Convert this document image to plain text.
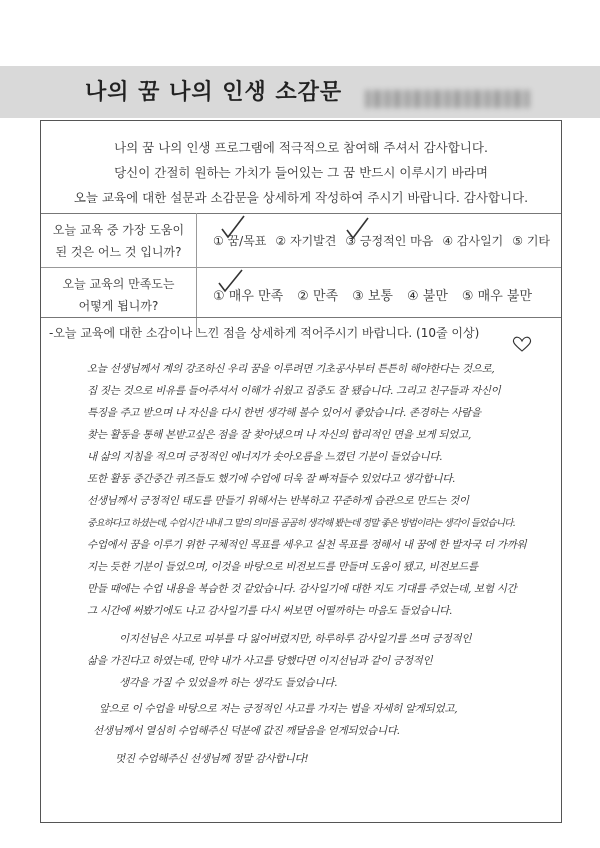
나의 꿈 나의 인생 소감문
나의 꿈 나의 인생 프로그램에 적극적으로 참여해 주셔서 감사합니다.
당신이 간절히 원하는 가치가 들어있는 그 꿈 반드시 이루시기 바라며
오늘 교육에 대한 설문과 소감문을 상세하게 작성하여 주시기 바랍니다. 감사합니다.
오늘 교육 중 가장 도움이
된 것은 어느 것 입니까?
① 꿈/목표 ② 자기발견 ③ 긍정적인 마음 ④ 감사일기 ⑤ 기타
오늘 교육의 만족도는
어떻게 됩니까?
① 매우 만족 ② 만족 ③ 보통 ④ 불만 ⑤ 매우 불만
-오늘 교육에 대한 소감이나 느낀 점을 상세하게 적어주시기 바랍니다. (10줄 이상)
오늘 선생님께서 계의 강조하신 우리 꿈을 이루려면 기초공사부터 튼튼히 해야한다는 것으로,
집 짓는 것으로 비유를 들어주셔서 이해가 쉬웠고 집중도 잘 됐습니다. 그리고 친구들과 자신이
특징을 주고 받으며 나 자신을 다시 한번 생각해 볼수 있어서 좋았습니다. 존경하는 사람을
찾는 활동을 통해 본받고싶은 점을 잘 찾아냈으며 나 자신의 합리적인 면을 보게 되었고,
내 삶의 지침을 적으며 긍정적인 에너지가 솟아오름을 느꼈던 기분이 들었습니다.
또한 활동 중간중간 퀴즈들도 했기에 수업에 더욱 잘 빠져들수 있었다고 생각합니다.
선생님께서 긍정적인 태도를 만들기 위해서는 반복하고 꾸준하게 습관으로 만드는 것이
중요하다고 하셨는데, 수업시간 내내 그 말의 의미를 곰곰히 생각해 봤는데 정말 좋은 방법이라는 생각이 들었습니다.
수업에서 꿈을 이루기 위한 구체적인 목표를 세우고 실천 목표를 정해서 내 꿈에 한 발자국 더 가까워
지는 듯한 기분이 들었으며, 이것을 바탕으로 비전보드를 만들며 도움이 됐고, 비전보드를
만들 때에는 수업 내용을 복습한 것 같았습니다. 감사일기에 대한 지도 기대를 주었는데, 보험 시간
그 시간에 써봤기에도 나고 감사일기를 다시 써보면 어떨까하는 마음도 들었습니다.
이지선님은 사고로 피부를 다 잃어버렸지만, 하루하루 감사일기를 쓰며 긍정적인
삶을 가진다고 하였는데, 만약 내가 사고를 당했다면 이지선님과 같이 긍정적인
생각을 가질 수 있었을까 하는 생각도 들었습니다.
앞으로 이 수업을 바탕으로 저는 긍정적인 사고를 가지는 법을 자세히 알게되었고,
선생님께서 열심히 수업해주신 덕분에 값진 깨달음을 얻게되었습니다.
멋진 수업해주신 선생님께 정말 감사합니다!
